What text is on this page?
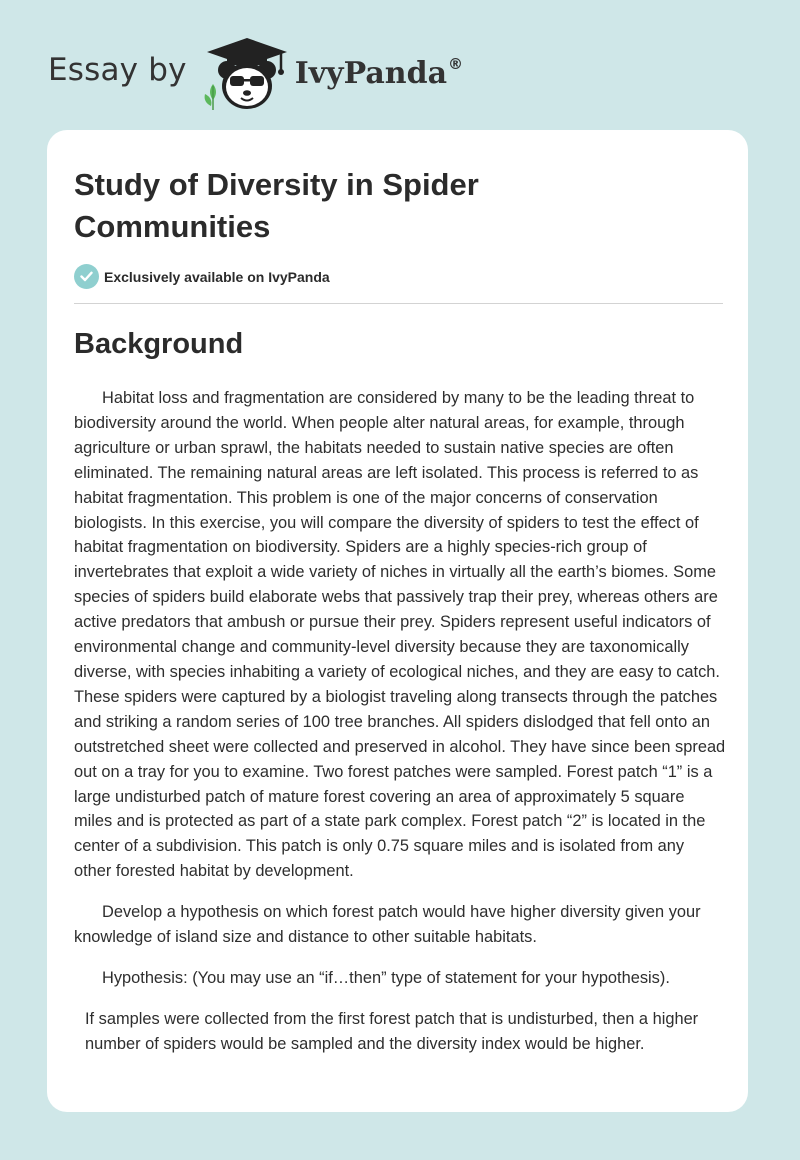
Essay by	IvyPanda®
Study of Diversity in Spider Communities
Exclusively available on IvyPanda
Background

Habitat loss and fragmentation are considered by many to be the leading threat to biodiversity around the world. When people alter natural areas, for example, through agriculture or urban sprawl, the habitats needed to sustain native species are often eliminated. The remaining natural areas are left isolated. This process is referred to as habitat fragmentation. This problem is one of the major concerns of conservation biologists. In this exercise, you will compare the diversity of spiders to test the effect of habitat fragmentation on biodiversity. Spiders are a highly species-rich group of invertebrates that exploit a wide variety of niches in virtually all the earth’s biomes. Some species of spiders build elaborate webs that passively trap their prey, whereas others are active predators that ambush or pursue their prey. Spiders represent useful indicators of environmental change and community-level diversity because they are taxonomically diverse, with species inhabiting a variety of ecological niches, and they are easy to catch. These spiders were captured by a biologist traveling along transects through the patches and striking a random series of 100 tree branches. All spiders dislodged that fell onto an outstretched sheet were collected and preserved in alcohol. They have since been spread out on a tray for you to examine. Two forest patches were sampled. Forest patch “1” is a large undisturbed patch of mature forest covering an area of approximately 5 square miles and is protected as part of a state park complex. Forest patch “2” is located in the center of a subdivision. This patch is only 0.75 square miles and is isolated from any other forested habitat by development.

Develop a hypothesis on which forest patch would have higher diversity given your knowledge of island size and distance to other suitable habitats.

Hypothesis: (You may use an “if…then” type of statement for your hypothesis).

If samples were collected from the first forest patch that is undisturbed, then a higher number of spiders would be sampled and the diversity index would be higher.
